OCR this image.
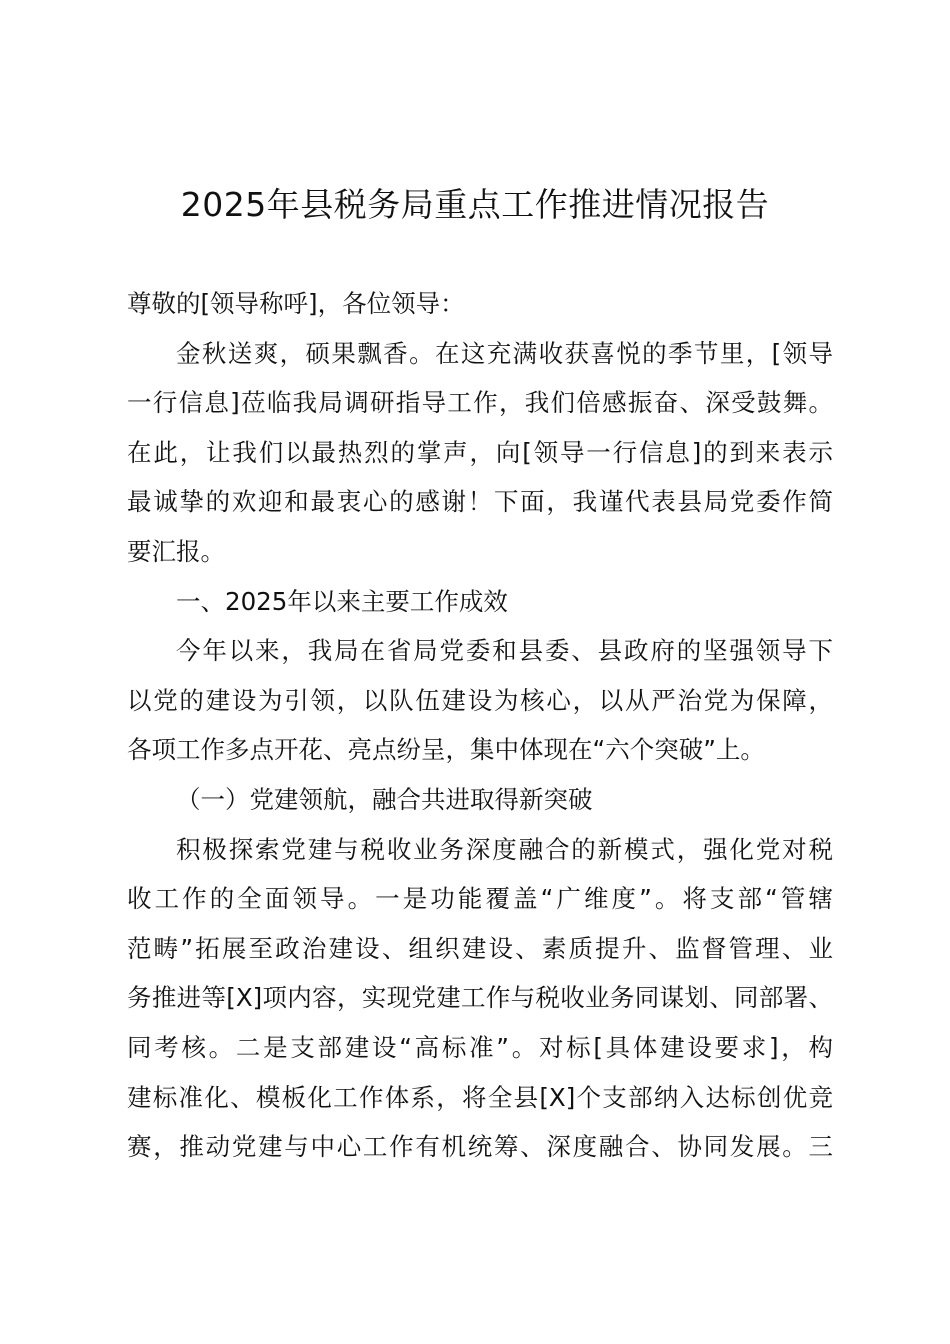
2025年县税务局重点工作推进情况报告
尊敬的[领导称呼]，各位领导：
金秋送爽，硕果飘香。在这充满收获喜悦的季节里，[领导
一行信息]莅临我局调研指导工作，我们倍感振奋、深受鼓舞。
在此，让我们以最热烈的掌声，向[领导一行信息]的到来表示
最诚挚的欢迎和最衷心的感谢！下面，我谨代表县局党委作简
要汇报。
一、2025年以来主要工作成效
今年以来，我局在省局党委和县委、县政府的坚强领导下
以党的建设为引领，以队伍建设为核心，以从严治党为保障，
各项工作多点开花、亮点纷呈，集中体现在“六个突破”上。
（一）党建领航，融合共进取得新突破
积极探索党建与税收业务深度融合的新模式，强化党对税
收工作的全面领导。一是功能覆盖“广维度”。将支部“管辖
范畴”拓展至政治建设、组织建设、素质提升、监督管理、业
务推进等[X]项内容，实现党建工作与税收业务同谋划、同部署、
同考核。二是支部建设“高标准”。对标[具体建设要求]，构
建标准化、模板化工作体系，将全县[X]个支部纳入达标创优竞
赛，推动党建与中心工作有机统筹、深度融合、协同发展。三
